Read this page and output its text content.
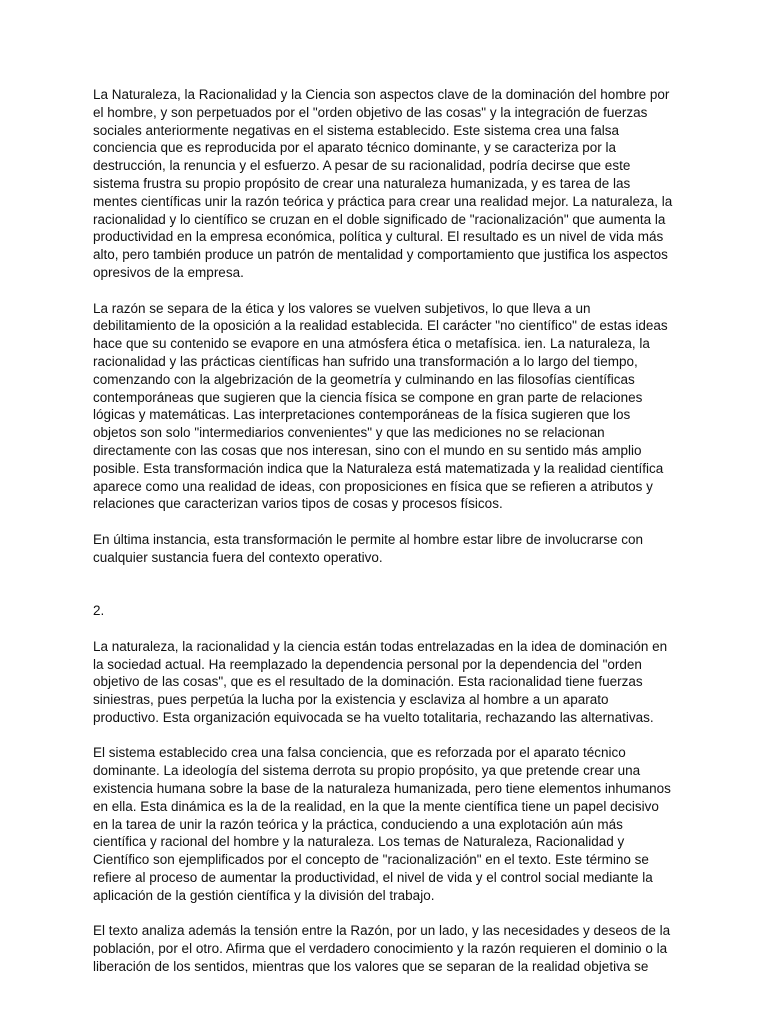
La Naturaleza, la Racionalidad y la Ciencia son aspectos clave de la dominación del hombre por
el hombre, y son perpetuados por el "orden objetivo de las cosas" y la integración de fuerzas
sociales anteriormente negativas en el sistema establecido. Este sistema crea una falsa
conciencia que es reproducida por el aparato técnico dominante, y se caracteriza por la
destrucción, la renuncia y el esfuerzo. A pesar de su racionalidad, podría decirse que este
sistema frustra su propio propósito de crear una naturaleza humanizada, y es tarea de las
mentes científicas unir la razón teórica y práctica para crear una realidad mejor. La naturaleza, la
racionalidad y lo científico se cruzan en el doble significado de "racionalización" que aumenta la
productividad en la empresa económica, política y cultural. El resultado es un nivel de vida más
alto, pero también produce un patrón de mentalidad y comportamiento que justifica los aspectos
opresivos de la empresa.

La razón se separa de la ética y los valores se vuelven subjetivos, lo que lleva a un
debilitamiento de la oposición a la realidad establecida. El carácter "no científico" de estas ideas
hace que su contenido se evapore en una atmósfera ética o metafísica. ien. La naturaleza, la
racionalidad y las prácticas científicas han sufrido una transformación a lo largo del tiempo,
comenzando con la algebrización de la geometría y culminando en las filosofías científicas
contemporáneas que sugieren que la ciencia física se compone en gran parte de relaciones
lógicas y matemáticas. Las interpretaciones contemporáneas de la física sugieren que los
objetos son solo "intermediarios convenientes" y que las mediciones no se relacionan
directamente con las cosas que nos interesan, sino con el mundo en su sentido más amplio
posible. Esta transformación indica que la Naturaleza está matematizada y la realidad científica
aparece como una realidad de ideas, con proposiciones en física que se refieren a atributos y
relaciones que caracterizan varios tipos de cosas y procesos físicos.

En última instancia, esta transformación le permite al hombre estar libre de involucrarse con
cualquier sustancia fuera del contexto operativo.

2.

La naturaleza, la racionalidad y la ciencia están todas entrelazadas en la idea de dominación en
la sociedad actual. Ha reemplazado la dependencia personal por la dependencia del "orden
objetivo de las cosas", que es el resultado de la dominación. Esta racionalidad tiene fuerzas
siniestras, pues perpetúa la lucha por la existencia y esclaviza al hombre a un aparato
productivo. Esta organización equivocada se ha vuelto totalitaria, rechazando las alternativas.

El sistema establecido crea una falsa conciencia, que es reforzada por el aparato técnico
dominante. La ideología del sistema derrota su propio propósito, ya que pretende crear una
existencia humana sobre la base de la naturaleza humanizada, pero tiene elementos inhumanos
en ella. Esta dinámica es la de la realidad, en la que la mente científica tiene un papel decisivo
en la tarea de unir la razón teórica y la práctica, conduciendo a una explotación aún más
científica y racional del hombre y la naturaleza. Los temas de Naturaleza, Racionalidad y
Científico son ejemplificados por el concepto de "racionalización" en el texto. Este término se
refiere al proceso de aumentar la productividad, el nivel de vida y el control social mediante la
aplicación de la gestión científica y la división del trabajo.

El texto analiza además la tensión entre la Razón, por un lado, y las necesidades y deseos de la
población, por el otro. Afirma que el verdadero conocimiento y la razón requieren el dominio o la
liberación de los sentidos, mientras que los valores que se separan de la realidad objetiva se
